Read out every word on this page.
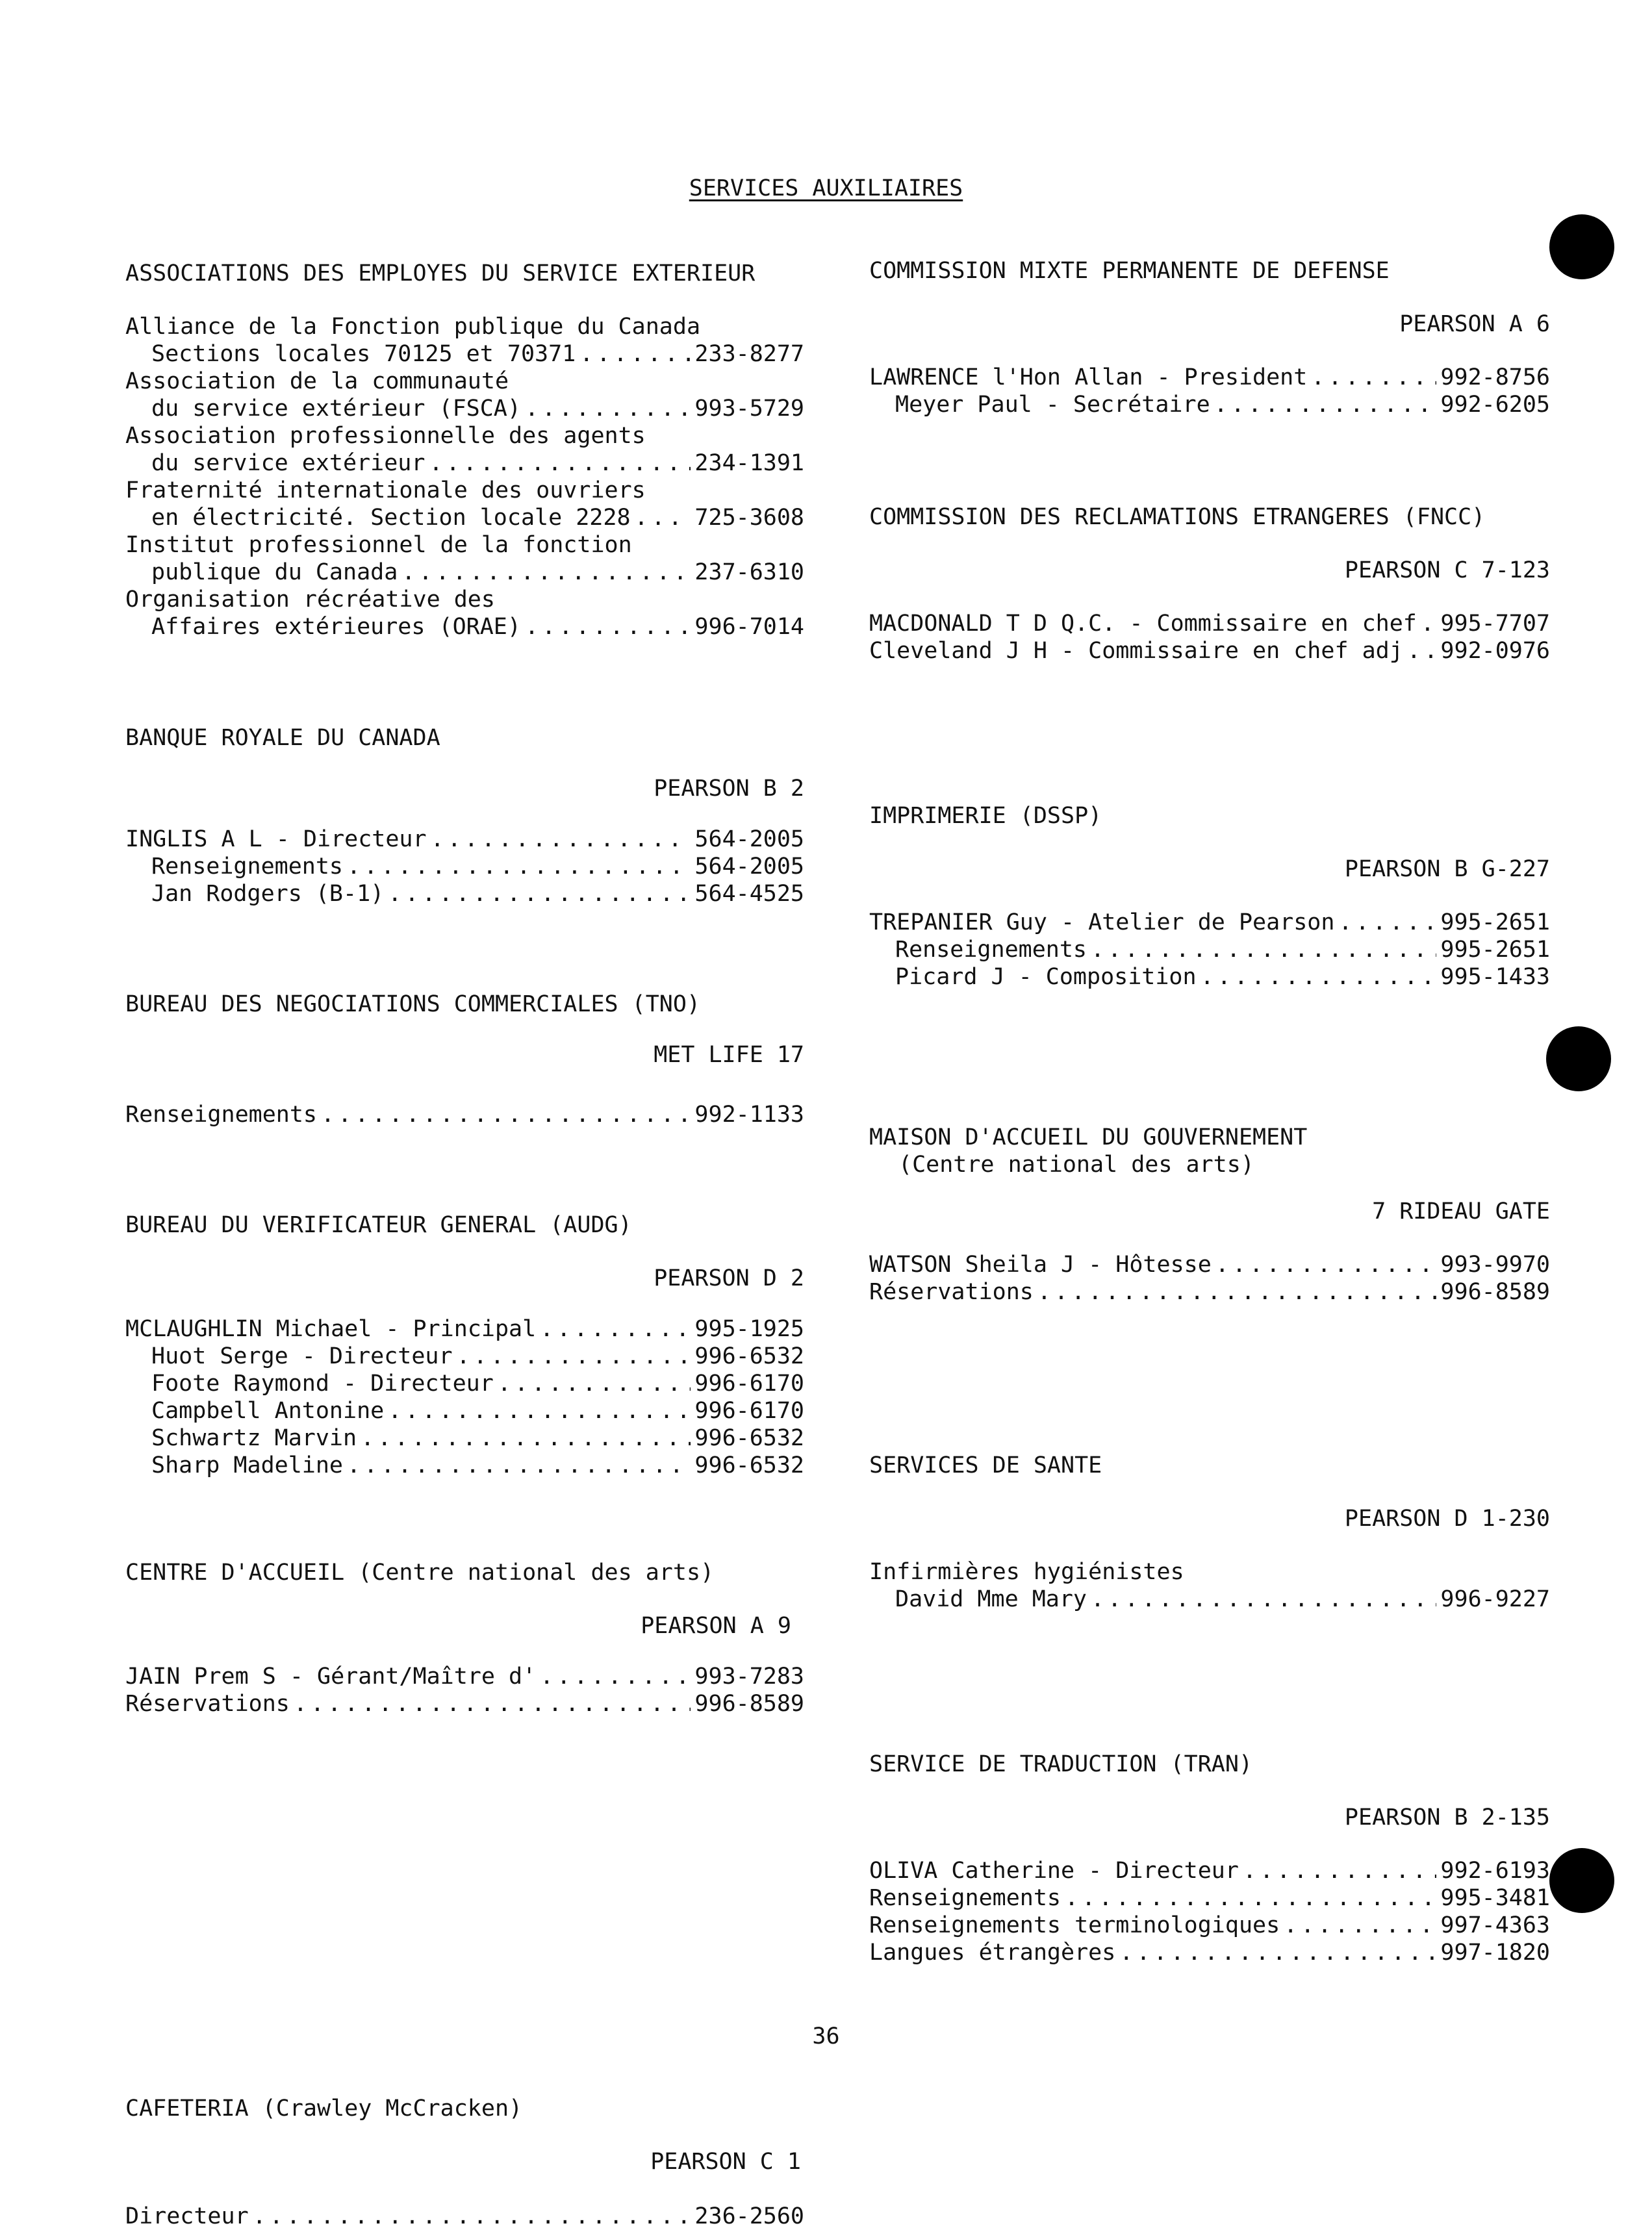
SERVICES AUXILIAIRES
ASSOCIATIONS DES EMPLOYES DU SERVICE EXTERIEUR
Alliance de la Fonction publique du Canada
Sections locales 70125 et 70371 . . .	233-8277
Association de la communauté
du service extérieur (FSCA) . . .	993-5729
Association professionnelle des agents
du service extérieur . . .	234-1391
Fraternité internationale des ouvriers
en électricité. Section locale 2228 . . .	725-3608
Institut professionnel de la fonction
publique du Canada . . .	237-6310
Organisation récréative des
Affaires extérieures (ORAE) . . .	996-7014
BANQUE ROYALE DU CANADA
PEARSON B 2
INGLIS A L - Directeur . . .	564-2005
Renseignements . . .	564-2005
Jan Rodgers (B-1) . . .	564-4525
BUREAU DES NEGOCIATIONS COMMERCIALES (TNO)
MET LIFE 17
Renseignements . . .	992-1133
BUREAU DU VERIFICATEUR GENERAL (AUDG)
PEARSON D 2
MCLAUGHLIN Michael - Principal . . .	995-1925
Huot Serge - Directeur . . .	996-6532
Foote Raymond - Directeur . . .	996-6170
Campbell Antonine . . .	996-6170
Schwartz Marvin . . .	996-6532
Sharp Madeline . . .	996-6532
CENTRE D'ACCUEIL (Centre national des arts)
PEARSON A 9
JAIN Prem S - Gérant/Maître d' . . .	993-7283
Réservations . . .	996-8589
CAFETERIA (Crawley McCracken)
PEARSON C 1
Directeur . . .	236-2560
COMMISSION MIXTE PERMANENTE DE DEFENSE
PEARSON A 6
LAWRENCE l'Hon Allan - President . . .	992-8756
Meyer Paul - Secrétaire . . .	992-6205
COMMISSION DES RECLAMATIONS ETRANGERES (FNCC)
PEARSON C 7-123
MACDONALD T D Q.C. - Commissaire en chef . . . 995-7707
Cleveland J H - Commissaire en chef adj . . . 992-0976
IMPRIMERIE (DSSP)
PEARSON B G-227
TREPANIER Guy - Atelier de Pearson . . .	995-2651
Renseignements . . .	995-2651
Picard J - Composition . . .	995-1433
MAISON D'ACCUEIL DU GOUVERNEMENT
(Centre national des arts)
7 RIDEAU GATE
WATSON Sheila J - Hôtesse . . .	993-9970
Réservations . . .	996-8589
SERVICES DE SANTE
PEARSON D 1-230
Infirmières hygiénistes
David Mme Mary . . .	996-9227
SERVICE DE TRADUCTION (TRAN)
PEARSON B 2-135
OLIVA Catherine - Directeur . . .	992-6193
Renseignements . . .	995-3481
Renseignements terminologiques . . .	997-4363
Langues étrangères . . .	997-1820
36
